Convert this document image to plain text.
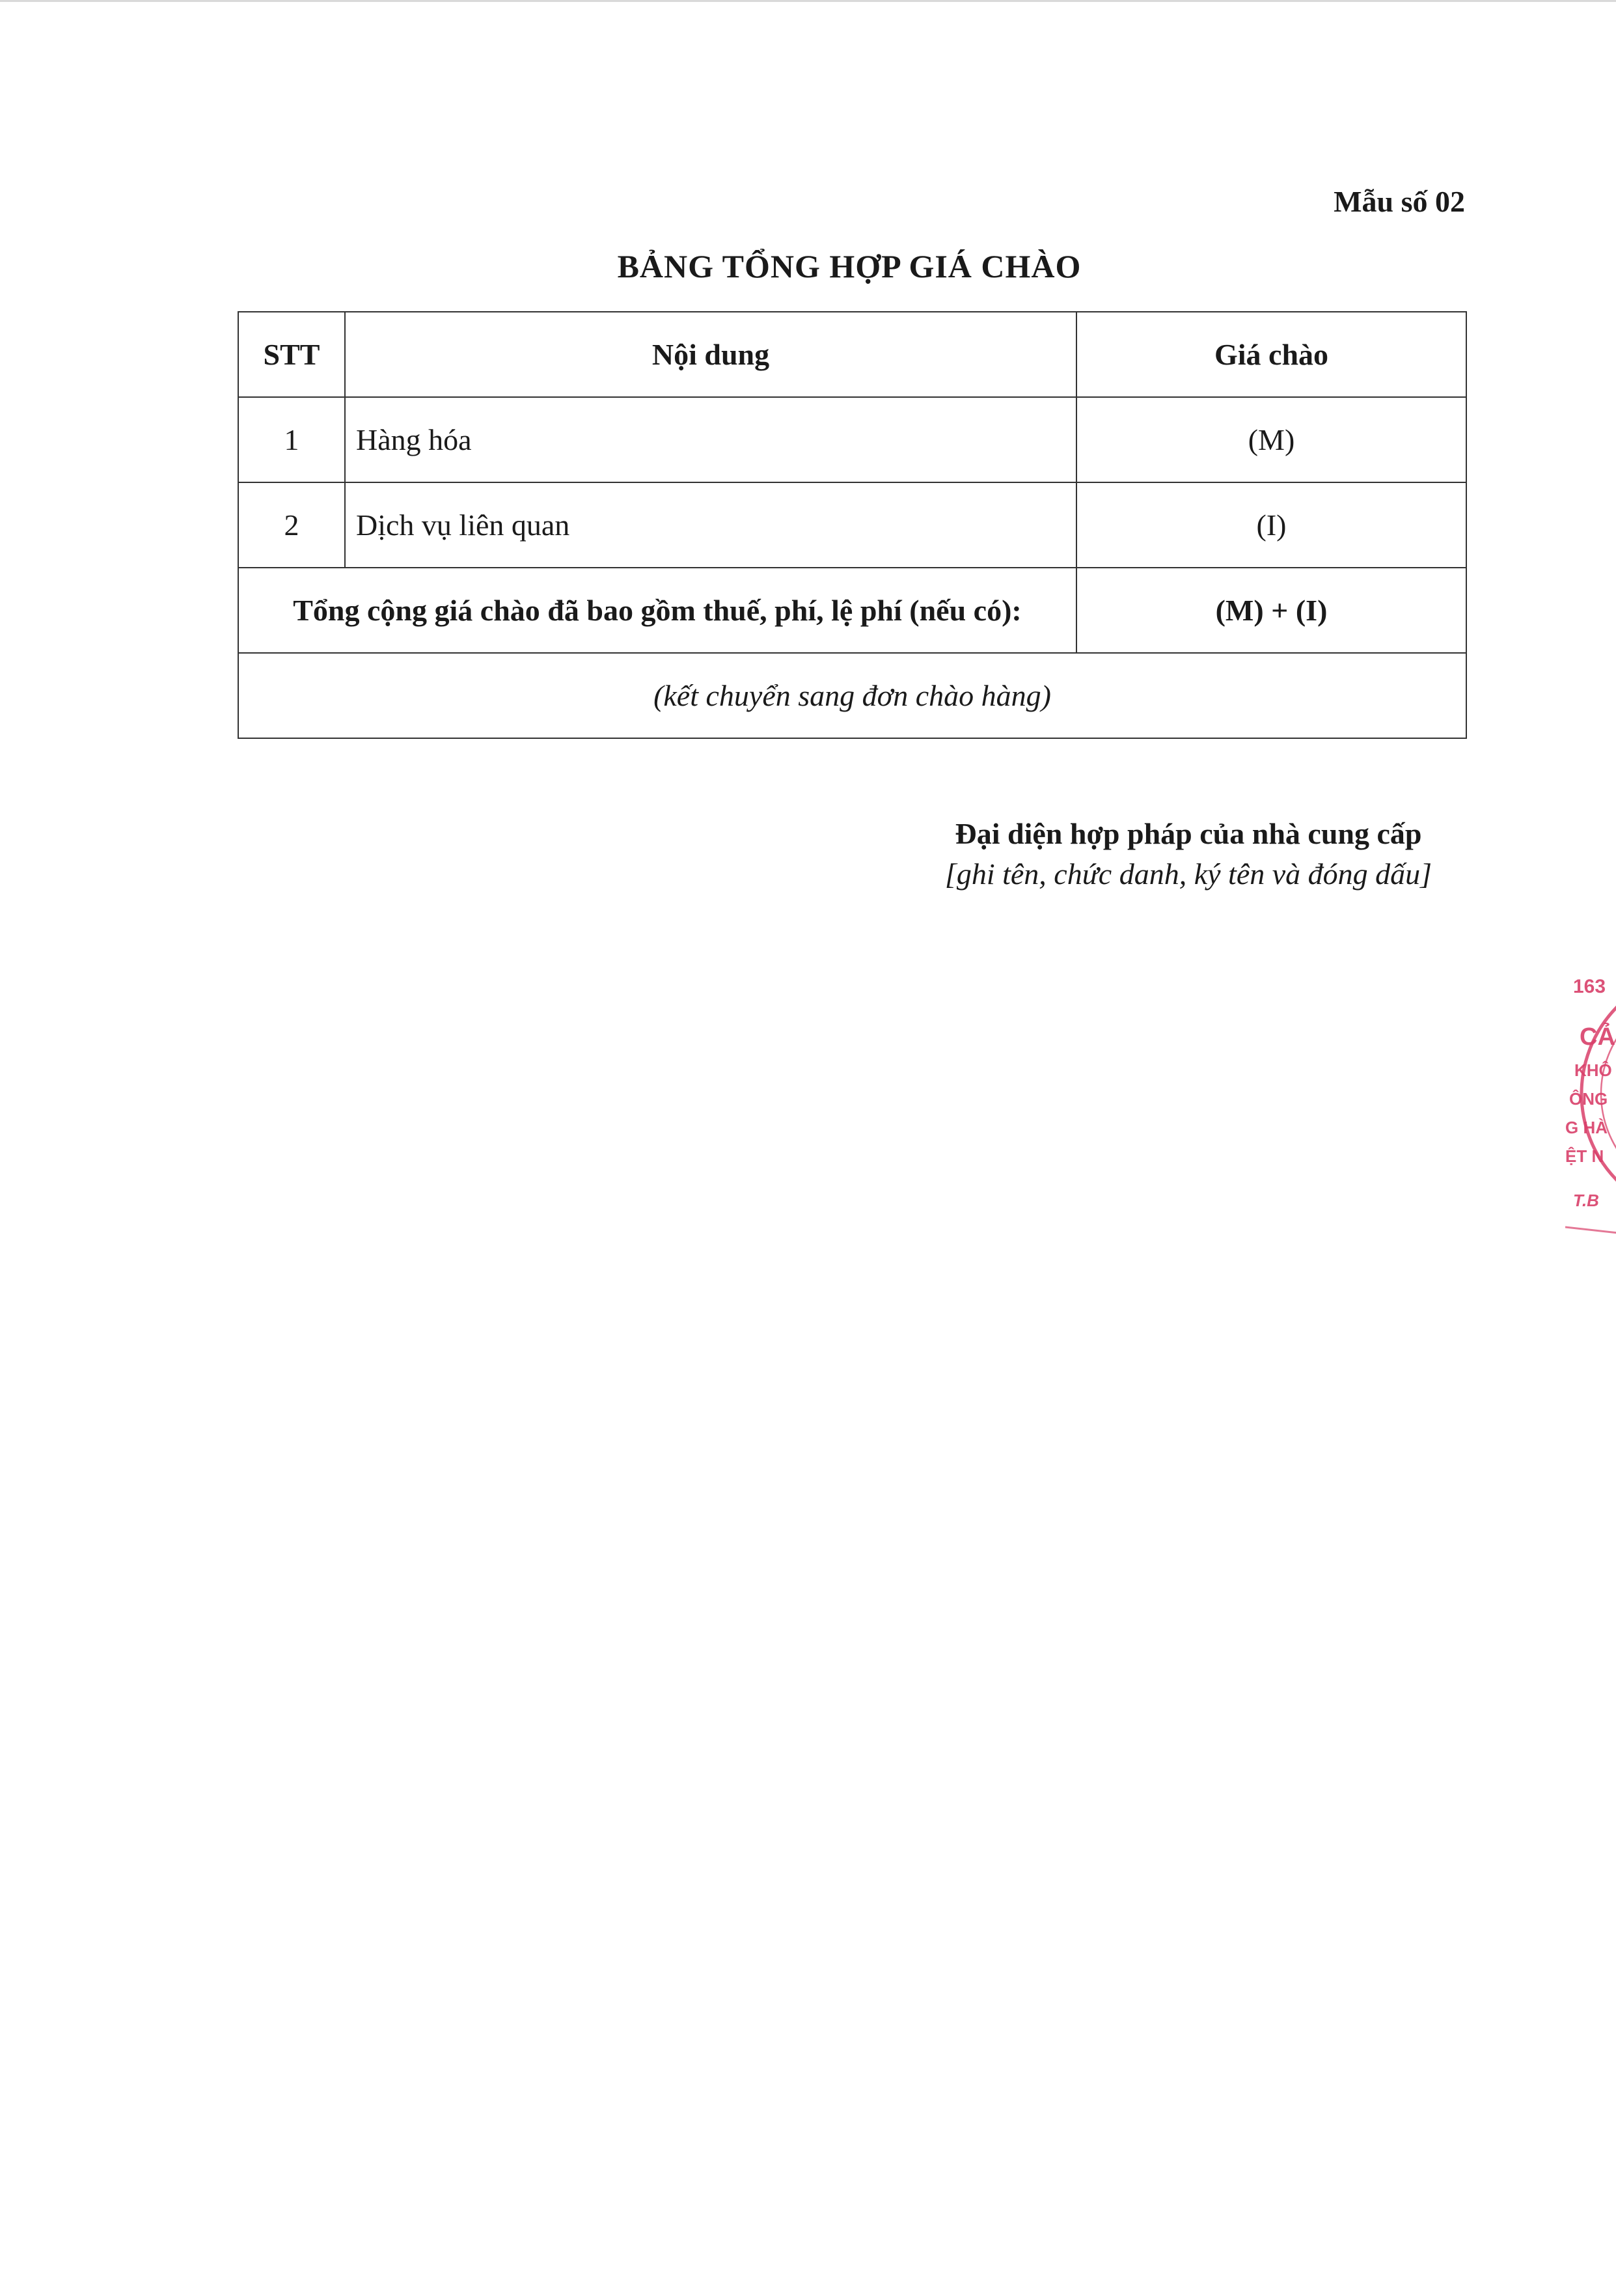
Mẫu số 02
BẢNG TỔNG HỢP GIÁ CHÀO
STT	Nội dung	Giá chào
1	Hàng hóa	(M)
2	Dịch vụ liên quan	(I)
Tổng cộng giá chào đã bao gồm thuế, phí, lệ phí (nếu có):		(M) + (I)
(kết chuyển sang đơn chào hàng)		
Đại diện hợp pháp của nhà cung cấp
[ghi tên, chức danh, ký tên và đóng dấu]
163
CẢ
KHÔ
ÔNG
G HÀ
ỆT N
T.B
